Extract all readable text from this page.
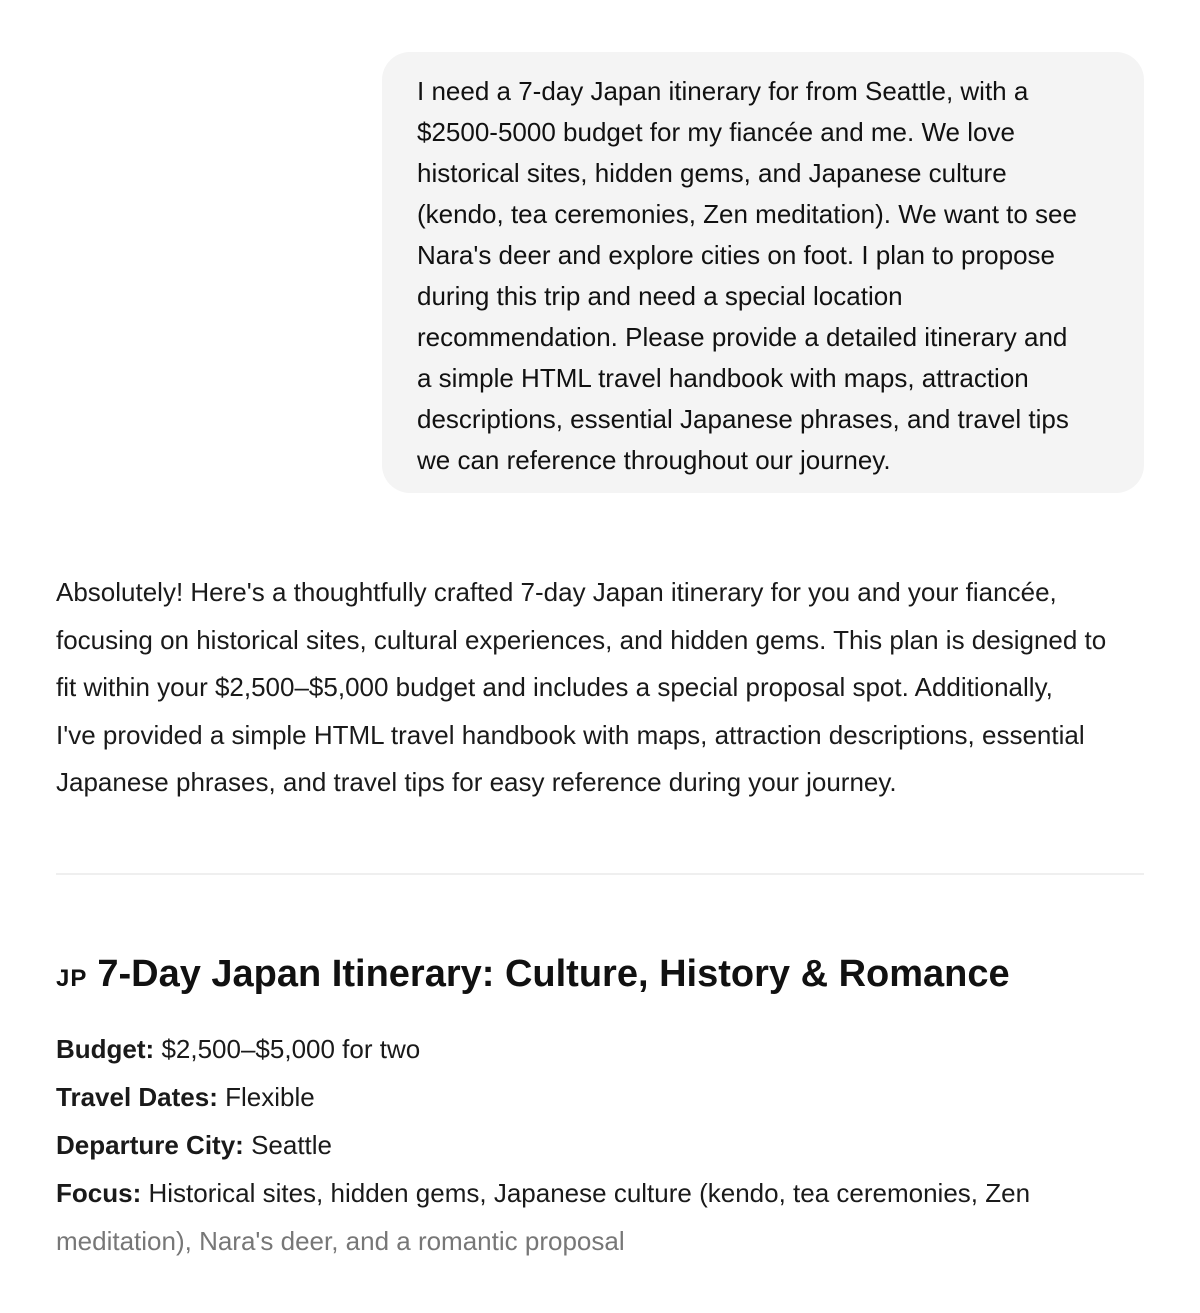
I need a 7-day Japan itinerary for from Seattle, with a
$2500-5000 budget for my fiancée and me. We love
historical sites, hidden gems, and Japanese culture
(kendo, tea ceremonies, Zen meditation). We want to see
Nara's deer and explore cities on foot. I plan to propose
during this trip and need a special location
recommendation. Please provide a detailed itinerary and
a simple HTML travel handbook with maps, attraction
descriptions, essential Japanese phrases, and travel tips
we can reference throughout our journey.
Absolutely! Here's a thoughtfully crafted 7-day Japan itinerary for you and your fiancée,
focusing on historical sites, cultural experiences, and hidden gems. This plan is designed to
fit within your $2,500–$5,000 budget and includes a special proposal spot. Additionally,
I've provided a simple HTML travel handbook with maps, attraction descriptions, essential
Japanese phrases, and travel tips for easy reference during your journey.
JP 7-Day Japan Itinerary: Culture, History & Romance
Budget: $2,500–$5,000 for two
Travel Dates: Flexible
Departure City: Seattle
Focus: Historical sites, hidden gems, Japanese culture (kendo, tea ceremonies, Zen
meditation), Nara's deer, and a romantic proposal
